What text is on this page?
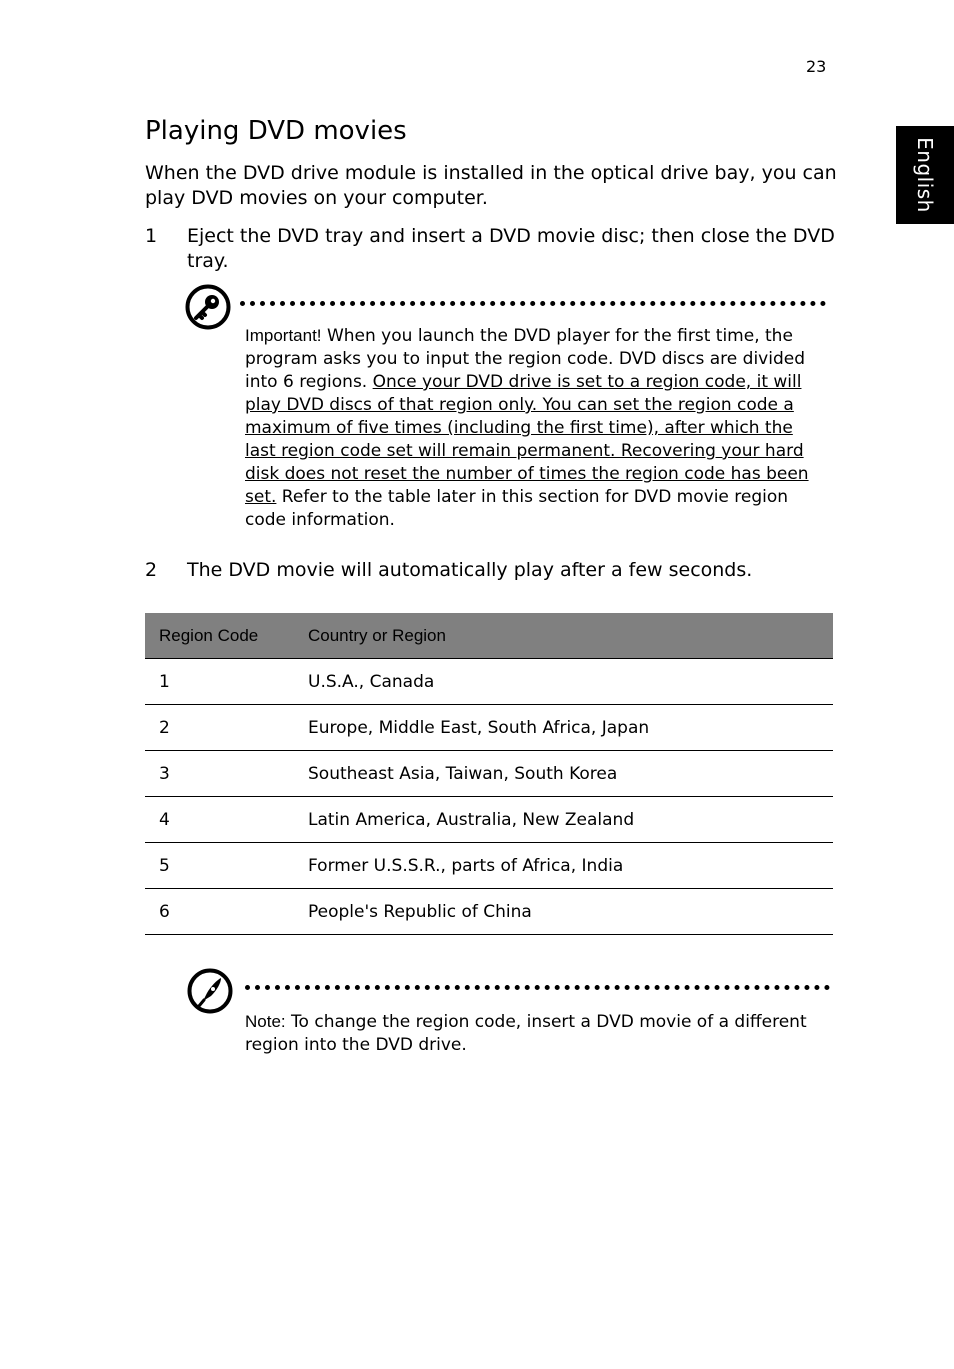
23
English
Playing DVD movies

When the DVD drive module is installed in the optical drive bay, you can play DVD movies on your computer.

1 Eject the DVD tray and insert a DVD movie disc; then close the DVD tray.

Important! When you launch the DVD player for the first time, the program asks you to input the region code. DVD discs are divided into 6 regions. Once your DVD drive is set to a region code, it will play DVD discs of that region only. You can set the region code a maximum of five times (including the first time), after which the last region code set will remain permanent. Recovering your hard disk does not reset the number of times the region code has been set. Refer to the table later in this section for DVD movie region code information.

2 The DVD movie will automatically play after a few seconds.
Region Code	Country or Region
1	U.S.A., Canada
2	Europe, Middle East, South Africa, Japan
3	Southeast Asia, Taiwan, South Korea
4	Latin America, Australia, New Zealand
5	Former U.S.S.R., parts of Africa, India
6	People's Republic of China

Note: To change the region code, insert a DVD movie of a different region into the DVD drive.
